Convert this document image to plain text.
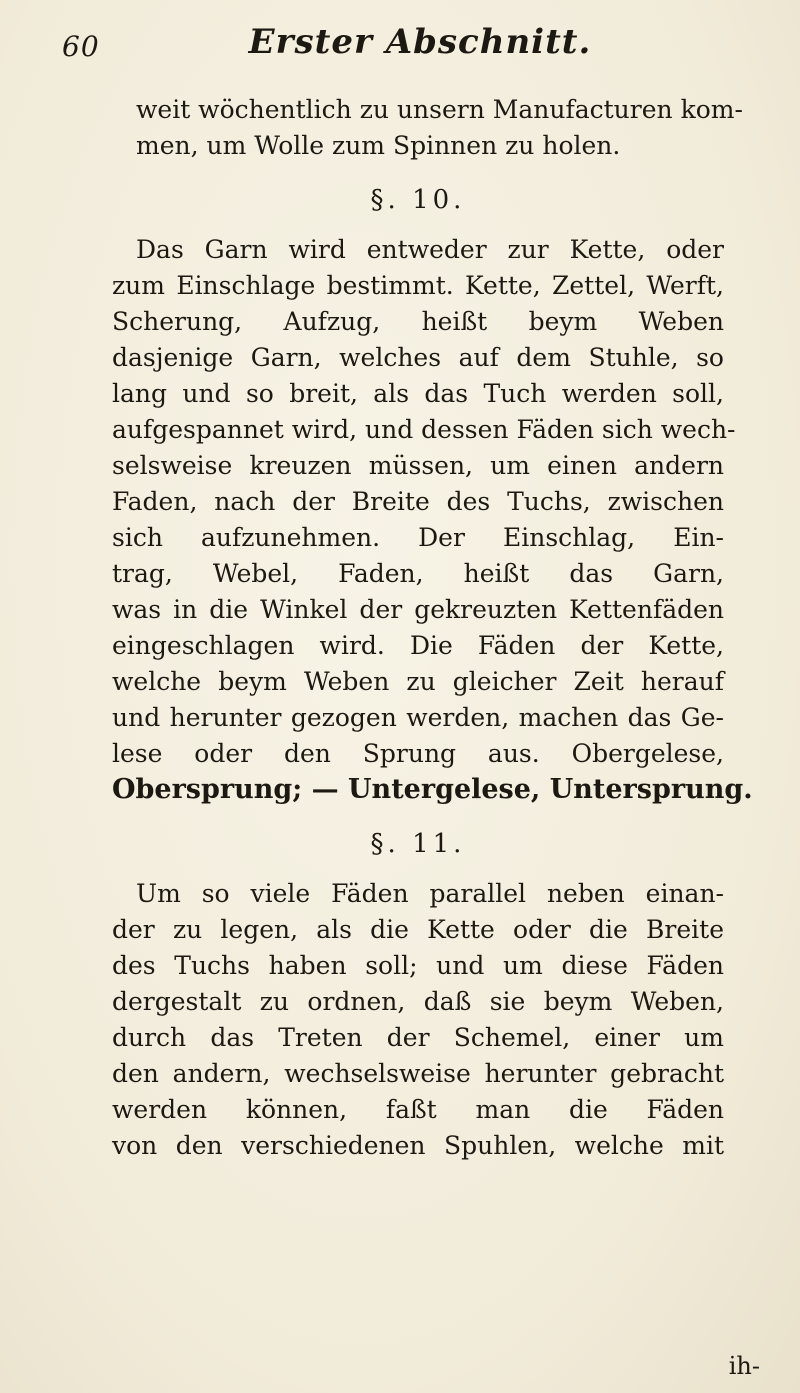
60	Erster Abschnitt.
weit wöchentlich zu unsern Manufacturen kom-
men, um Wolle zum Spinnen zu holen.
§. 10.
Das Garn wird entweder zur Kette, oder
zum Einschlage bestimmt. Kette, Zettel, Werft,
Scherung, Aufzug, heißt beym Weben
dasjenige Garn, welches auf dem Stuhle, so
lang und so breit, als das Tuch werden soll,
aufgespannet wird, und dessen Fäden sich wech-
selsweise kreuzen müssen, um einen andern
Faden, nach der Breite des Tuchs, zwischen
sich aufzunehmen. Der Einschlag, Ein-
trag, Webel, Faden, heißt das Garn,
was in die Winkel der gekreuzten Kettenfäden
eingeschlagen wird. Die Fäden der Kette,
welche beym Weben zu gleicher Zeit herauf
und herunter gezogen werden, machen das Ge-
lese oder den Sprung aus. Obergelese,
Obersprung; — Untergelese, Untersprung.
§. 11.
Um so viele Fäden parallel neben einan-
der zu legen, als die Kette oder die Breite
des Tuchs haben soll; und um diese Fäden
dergestalt zu ordnen, daß sie beym Weben,
durch das Treten der Schemel, einer um
den andern, wechselsweise herunter gebracht
werden können, faßt man die Fäden
von den verschiedenen Spuhlen, welche mit
ih-
